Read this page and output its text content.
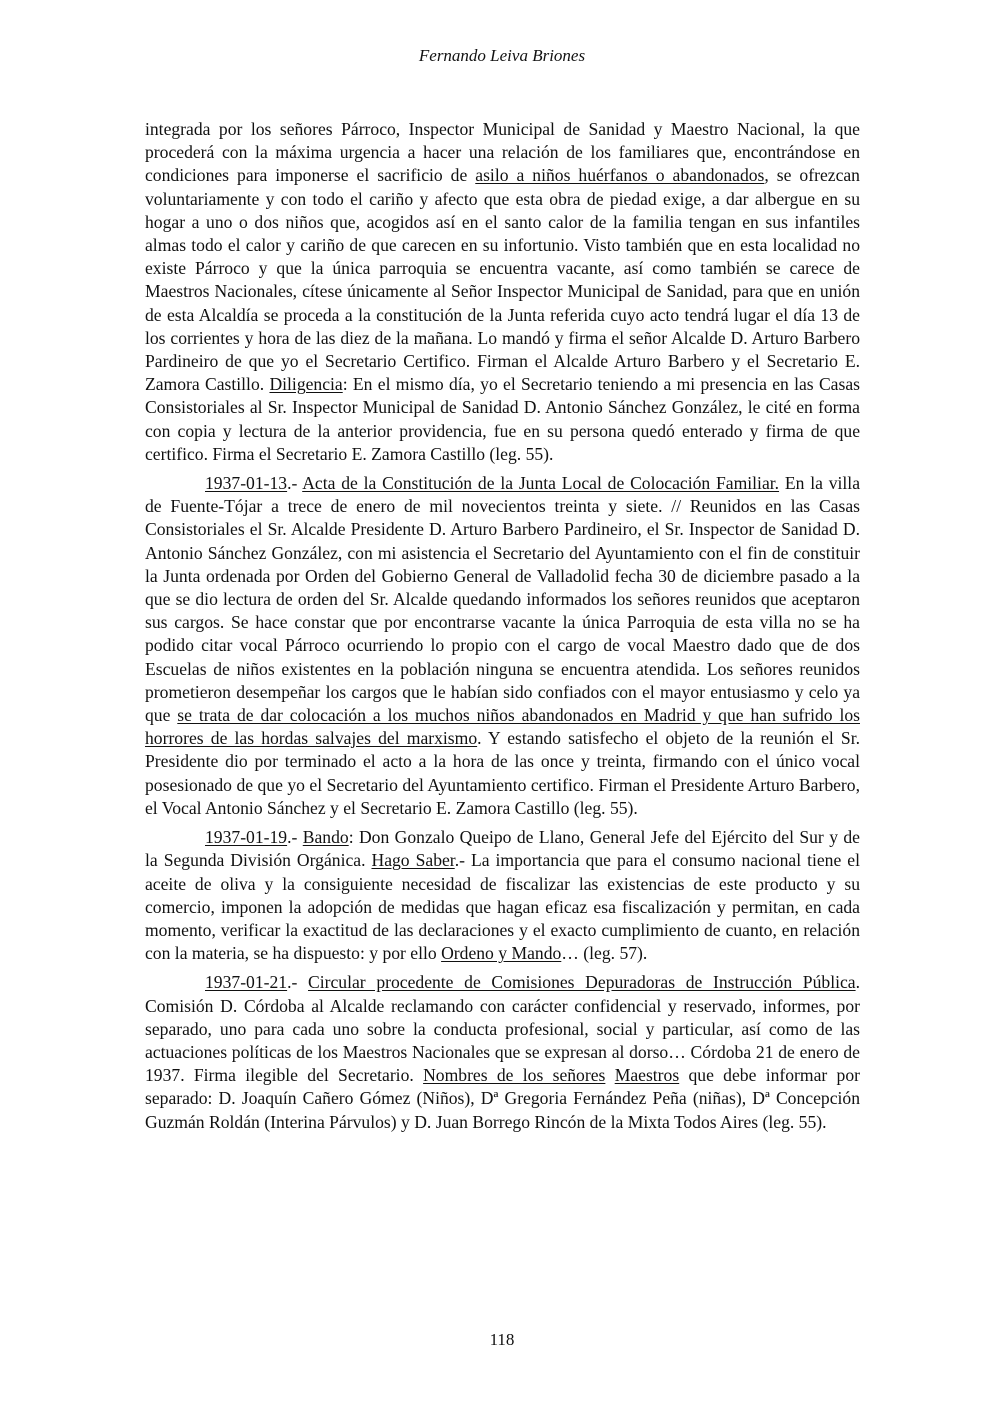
Fernando Leiva Briones

integrada por los señores Párroco, Inspector Municipal de Sanidad y Maestro Nacional, la que procederá con la máxima urgencia a hacer una relación de los familiares que, encontrándose en condiciones para imponerse el sacrificio de asilo a niños huérfanos o abandonados, se ofrezcan voluntariamente y con todo el cariño y afecto que esta obra de piedad exige, a dar albergue en su hogar a uno o dos niños que, acogidos así en el santo calor de la familia tengan en sus infantiles almas todo el calor y cariño de que carecen en su infortunio. Visto también que en esta localidad no existe Párroco y que la única parroquia se encuentra vacante, así como también se carece de Maestros Nacionales, cítese únicamente al Señor Inspector Municipal de Sanidad, para que en unión de esta Alcaldía se proceda a la constitución de la Junta referida cuyo acto tendrá lugar el día 13 de los corrientes y hora de las diez de la mañana. Lo mandó y firma el señor Alcalde D. Arturo Barbero Pardineiro de que yo el Secretario Certifico. Firman el Alcalde Arturo Barbero y el Secretario E. Zamora Castillo. Diligencia: En el mismo día, yo el Secretario teniendo a mi presencia en las Casas Consistoriales al Sr. Inspector Municipal de Sanidad D. Antonio Sánchez González, le cité en forma con copia y lectura de la anterior providencia, fue en su persona quedó enterado y firma de que certifico. Firma el Secretario E. Zamora Castillo (leg. 55).

1937-01-13.- Acta de la Constitución de la Junta Local de Colocación Familiar. En la villa de Fuente-Tójar a trece de enero de mil novecientos treinta y siete. // Reunidos en las Casas Consistoriales el Sr. Alcalde Presidente D. Arturo Barbero Pardineiro, el Sr. Inspector de Sanidad D. Antonio Sánchez González, con mi asistencia el Secretario del Ayuntamiento con el fin de constituir la Junta ordenada por Orden del Gobierno General de Valladolid fecha 30 de diciembre pasado a la que se dio lectura de orden del Sr. Alcalde quedando informados los señores reunidos que aceptaron sus cargos. Se hace constar que por encontrarse vacante la única Parroquia de esta villa no se ha podido citar vocal Párroco ocurriendo lo propio con el cargo de vocal Maestro dado que de dos Escuelas de niños existentes en la población ninguna se encuentra atendida. Los señores reunidos prometieron desempeñar los cargos que le habían sido confiados con el mayor entusiasmo y celo ya que se trata de dar colocación a los muchos niños abandonados en Madrid y que han sufrido los horrores de las hordas salvajes del marxismo. Y estando satisfecho el objeto de la reunión el Sr. Presidente dio por terminado el acto a la hora de las once y treinta, firmando con el único vocal posesionado de que yo el Secretario del Ayuntamiento certifico. Firman el Presidente Arturo Barbero, el Vocal Antonio Sánchez y el Secretario E. Zamora Castillo (leg. 55).

1937-01-19.- Bando: Don Gonzalo Queipo de Llano, General Jefe del Ejército del Sur y de la Segunda División Orgánica. Hago Saber.- La importancia que para el consumo nacional tiene el aceite de oliva y la consiguiente necesidad de fiscalizar las existencias de este producto y su comercio, imponen la adopción de medidas que hagan eficaz esa fiscalización y permitan, en cada momento, verificar la exactitud de las declaraciones y el exacto cumplimiento de cuanto, en relación con la materia, se ha dispuesto: y por ello Ordeno y Mando… (leg. 57).

1937-01-21.- Circular procedente de Comisiones Depuradoras de Instrucción Pública. Comisión D. Córdoba al Alcalde reclamando con carácter confidencial y reservado, informes, por separado, uno para cada uno sobre la conducta profesional, social y particular, así como de las actuaciones políticas de los Maestros Nacionales que se expresan al dorso… Córdoba 21 de enero de 1937. Firma ilegible del Secretario. Nombres de los señores Maestros que debe informar por separado: D. Joaquín Cañero Gómez (Niños), Dª Gregoria Fernández Peña (niñas), Dª Concepción Guzmán Roldán (Interina Párvulos) y D. Juan Borrego Rincón de la Mixta Todos Aires (leg. 55).

118
